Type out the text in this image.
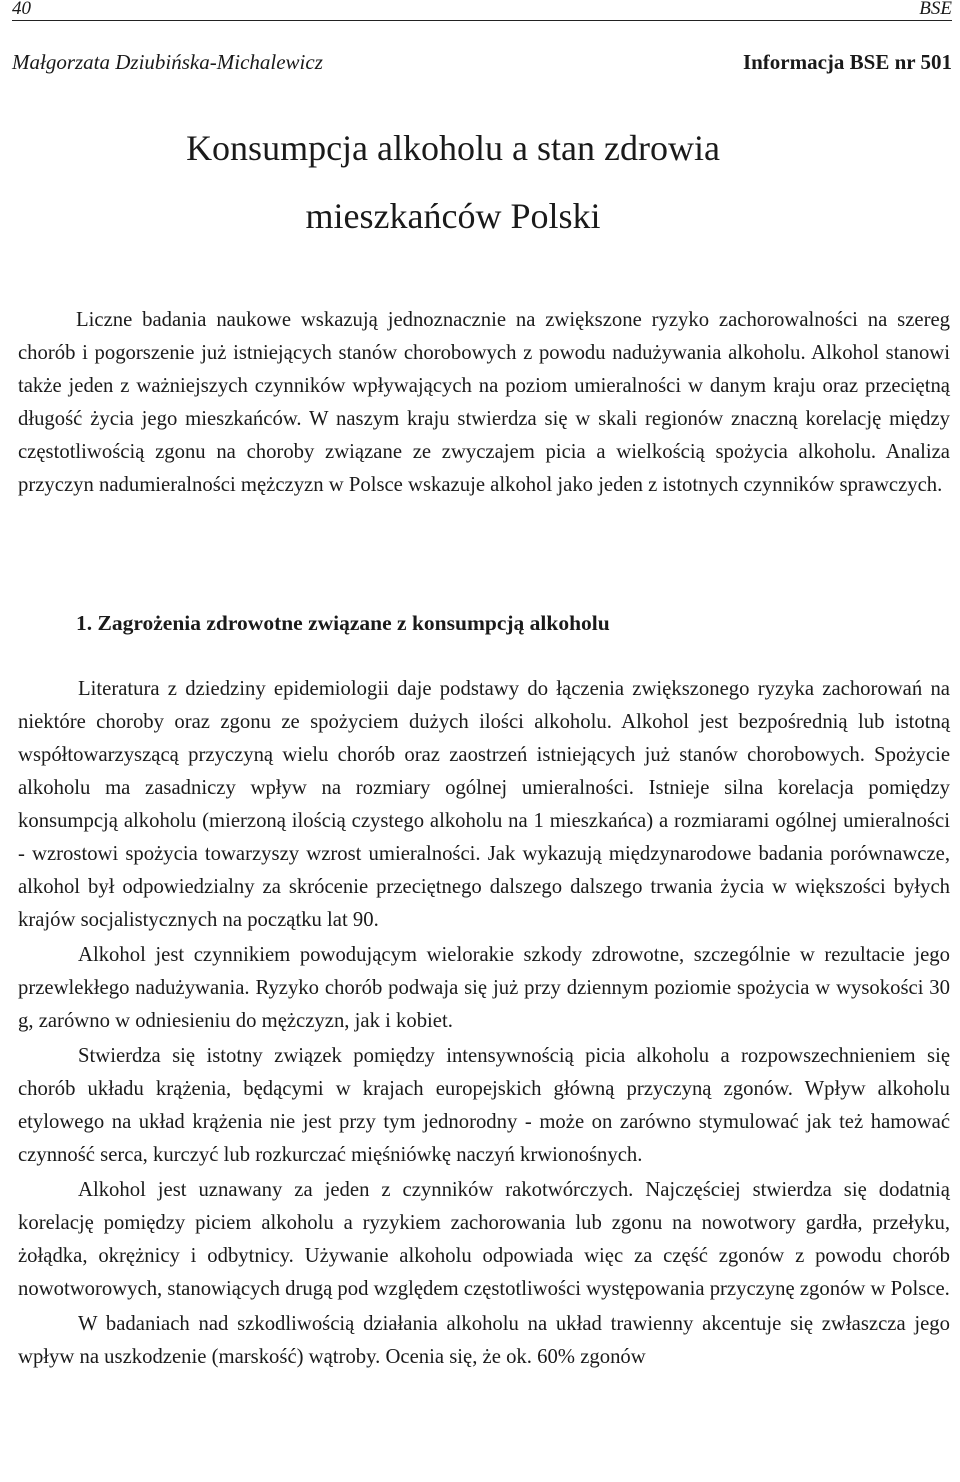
40	BSE
Małgorzata Dziubińska-Michalewicz	Informacja BSE nr 501
Konsumpcja alkoholu a stan zdrowia
mieszkańców Polski

Liczne badania naukowe wskazują jednoznacznie na zwiększone ryzyko zachorowalności na szereg chorób i pogorszenie już istniejących stanów chorobowych z powodu nadużywania alkoholu. Alkohol stanowi także jeden z ważniejszych czynników wpływających na poziom umieralności w danym kraju oraz przeciętną długość życia jego mieszkańców. W naszym kraju stwierdza się w skali regionów znaczną korelację między częstotliwością zgonu na choroby związane ze zwyczajem picia a wielkością spożycia alkoholu. Analiza przyczyn nadumieralności mężczyzn w Polsce wskazuje alkohol jako jeden z istotnych czynników sprawczych.

1. Zagrożenia zdrowotne związane z konsumpcją alkoholu

Literatura z dziedziny epidemiologii daje podstawy do łączenia zwiększonego ryzyka zachorowań na niektóre choroby oraz zgonu ze spożyciem dużych ilości alkoholu. Alkohol jest bezpośrednią lub istotną współtowarzyszącą przyczyną wielu chorób oraz zaostrzeń istniejących już stanów chorobowych. Spożycie alkoholu ma zasadniczy wpływ na rozmiary ogólnej umieralności. Istnieje silna korelacja pomiędzy konsumpcją alkoholu (mierzoną ilością czystego alkoholu na 1 mieszkańca) a rozmiarami ogólnej umieralności - wzrostowi spożycia towarzyszy wzrost umieralności. Jak wykazują międzynarodowe badania porównawcze, alkohol był odpowiedzialny za skrócenie przeciętnego dalszego dalszego trwania życia w większości byłych krajów socjalistycznych na początku lat 90.

Alkohol jest czynnikiem powodującym wielorakie szkody zdrowotne, szczególnie w rezultacie jego przewlekłego nadużywania. Ryzyko chorób podwaja się już przy dziennym poziomie spożycia w wysokości 30 g, zarówno w odniesieniu do mężczyzn, jak i kobiet.

Stwierdza się istotny związek pomiędzy intensywnością picia alkoholu a rozpowszechnieniem się chorób układu krążenia, będącymi w krajach europejskich główną przyczyną zgonów. Wpływ alkoholu etylowego na układ krążenia nie jest przy tym jednorodny - może on zarówno stymulować jak też hamować czynność serca, kurczyć lub rozkurczać mięśniówkę naczyń krwionośnych.

Alkohol jest uznawany za jeden z czynników rakotwórczych. Najczęściej stwierdza się dodatnią korelację pomiędzy piciem alkoholu a ryzykiem zachorowania lub zgonu na nowotwory gardła, przełyku, żołądka, okrężnicy i odbytnicy. Używanie alkoholu odpowiada więc za część zgonów z powodu chorób nowotworowych, stanowiących drugą pod względem częstotliwości występowania przyczynę zgonów w Polsce.

W badaniach nad szkodliwością działania alkoholu na układ trawienny akcentuje się zwłaszcza jego wpływ na uszkodzenie (marskość) wątroby. Ocenia się, że ok. 60% zgonów
